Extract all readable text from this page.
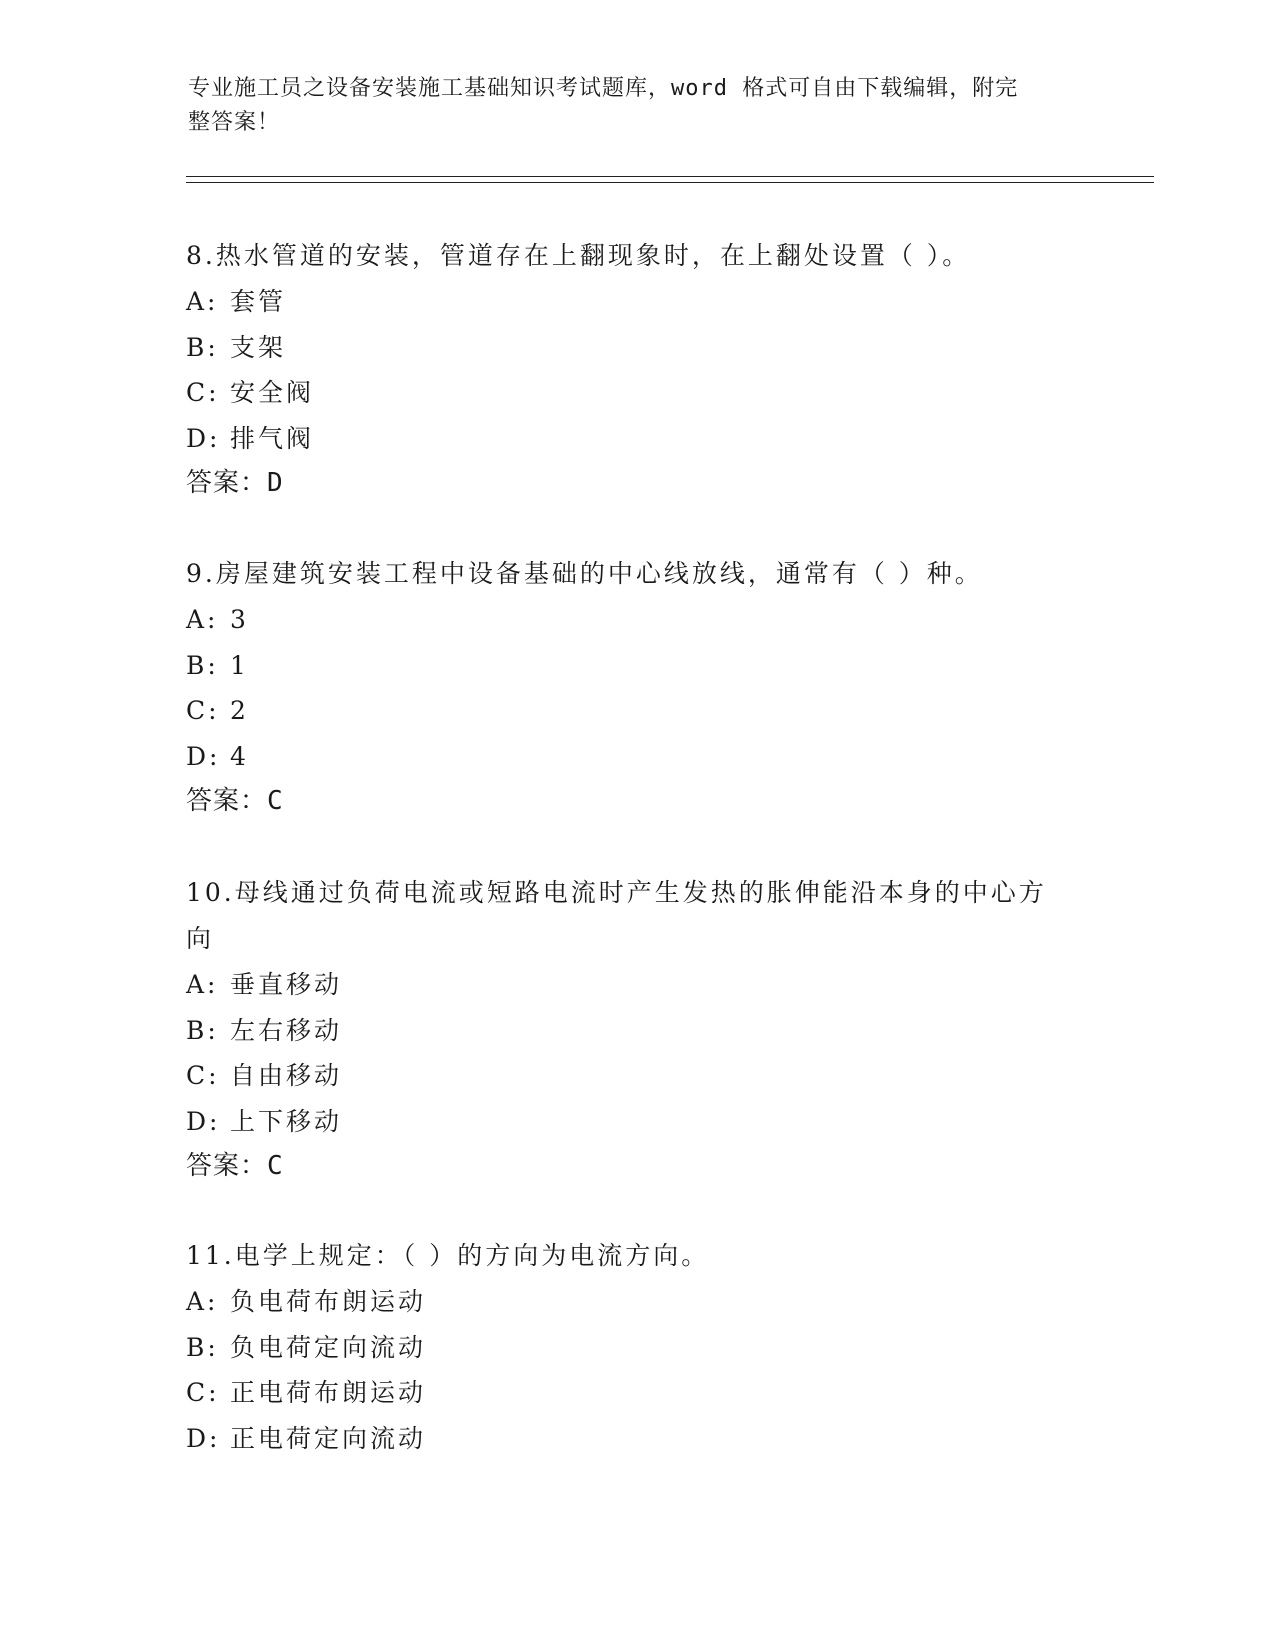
专业施工员之设备安装施工基础知识考试题库，word 格式可自由下载编辑，附完
整答案！

8.热水管道的安装，管道存在上翻现象时，在上翻处设置（ ）。

A: 套管

B: 支架

C: 安全阀

D: 排气阀

答案：D

9.房屋建筑安装工程中设备基础的中心线放线，通常有（ ）种。

A: 3

B: 1

C: 2

D: 4

答案：C

10.母线通过负荷电流或短路电流时产生发热的胀伸能沿本身的中心方

向

A: 垂直移动

B: 左右移动

C: 自由移动

D: 上下移动

答案：C

11.电学上规定：（ ）的方向为电流方向。

A: 负电荷布朗运动

B: 负电荷定向流动

C: 正电荷布朗运动

D: 正电荷定向流动
